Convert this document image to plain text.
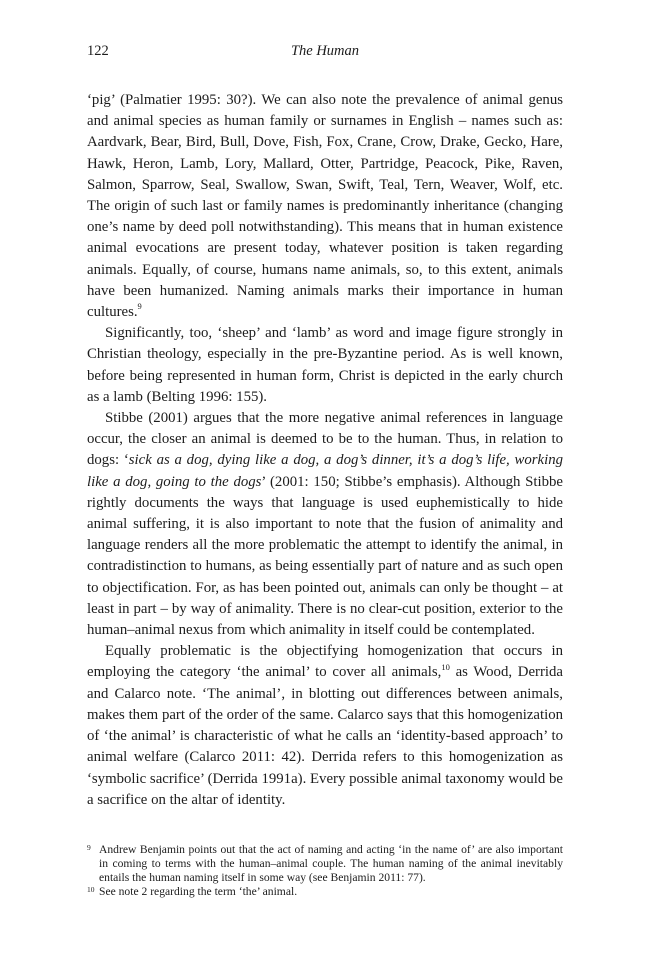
122	The Human

‘pig’ (Palmatier 1995: 30?). We can also note the prevalence of animal genus and animal species as human family or surnames in English – names such as: Aardvark, Bear, Bird, Bull, Dove, Fish, Fox, Crane, Crow, Drake, Gecko, Hare, Hawk, Heron, Lamb, Lory, Mallard, Otter, Partridge, Peacock, Pike, Raven, Salmon, Sparrow, Seal, Swallow, Swan, Swift, Teal, Tern, Weaver, Wolf, etc. The origin of such last or family names is predominantly inheritance (changing one’s name by deed poll notwithstanding). This means that in human existence animal evocations are present today, whatever position is taken regarding animals. Equally, of course, humans name animals, so, to this extent, animals have been humanized. Naming animals marks their importance in human cultures.$^9$

Significantly, too, ‘sheep’ and ‘lamb’ as word and image figure strongly in Christian theology, especially in the pre-Byzantine period. As is well known, before being represented in human form, Christ is depicted in the early church as a lamb (Belting 1996: 155).

Stibbe (2001) argues that the more negative animal references in language occur, the closer an animal is deemed to be to the human. Thus, in relation to dogs: ‘sick as a dog, dying like a dog, a dog’s dinner, it’s a dog’s life, working like a dog, going to the dogs’ (2001: 150; Stibbe’s emphasis). Although Stibbe rightly documents the ways that language is used euphemistically to hide animal suffering, it is also important to note that the fusion of animality and language renders all the more problematic the attempt to identify the animal, in contradistinction to humans, as being essentially part of nature and as such open to objectification. For, as has been pointed out, animals can only be thought – at least in part – by way of animality. There is no clear-cut position, exterior to the human–animal nexus from which animality in itself could be contemplated.

Equally problematic is the objectifying homogenization that occurs in employing the category ‘the animal’ to cover all animals,$^{10}$ as Wood, Derrida and Calarco note. ‘The animal’, in blotting out differences between animals, makes them part of the order of the same. Calarco says that this homogenization of ‘the animal’ is characteristic of what he calls an ‘identity-based approach’ to animal welfare (Calarco 2011: 42). Derrida refers to this homogenization as ‘symbolic sacrifice’ (Derrida 1991a). Every possible animal taxonomy would be a sacrifice on the altar of identity.

9 Andrew Benjamin points out that the act of naming and acting ‘in the name of’ are also important in coming to terms with the human–animal couple. The human naming of the animal inevitably entails the human naming itself in some way (see Benjamin 2011: 77).
10 See note 2 regarding the term ‘the’ animal.
